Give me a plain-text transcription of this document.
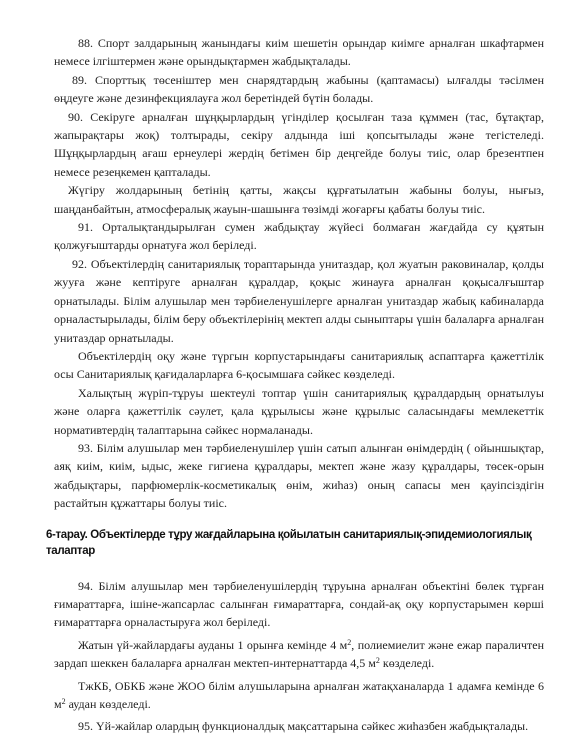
88. Спорт залдарының жанындағы киім шешетін орындар киімге арналған шкафтармен немесе ілгіштермен және орындықтармен жабдықталады.

89. Спорттық төсеніштер мен снарядтардың жабыны (қаптамасы) ылғалды тәсілмен өңдеуге және дезинфекциялауға жол беретіндей бүтін болады.

90. Секіруге арналған шұңқырлардың үгінділер қосылған таза құммен (тас, бұтақтар, жапырақтары жоқ) толтырады, секіру алдында іші қопсытылады және тегістеледі. Шұңқырлардың ағаш ернеулері жердің бетімен бір деңгейде болуы тиіс, олар брезентпен немесе резеңкемен қапталады.

Жүгіру жолдарының бетінің қатты, жақсы құрғатылатын жабыны болуы, нығыз, шаңданбайтын, атмосфералық жауын-шашынға төзімді жоғарғы қабаты болуы тиіс.

91. Орталықтандырылған сумен жабдықтау жүйесі болмаған жағдайда су құятын қолжуғыштарды орнатуға жол беріледі.

92. Объектілердің санитариялық тораптарында унитаздар, қол жуатын раковиналар, қолды жууға және кептіруге арналған құралдар, қоқыс жинауға арналған қоқысалғыштар орнатылады. Білім алушылар мен тәрбиеленушілерге арналған унитаздар жабық кабиналарда орналастырылады, білім беру объектілерінің мектеп алды сыныптары үшін балаларға арналған унитаздар орнатылады.

Объектілердің оқу және түргын корпустарындағы санитариялық аспаптарға қажеттілік осы Санитариялық қағидаларларға 6-қосымшаға сәйкес көзделеді.

Халықтың жүріп-тұруы шектеулі топтар үшін санитариялық құралдардың орнатылуы және оларға қажеттілік сәулет, қала құрылысы және құрылыс саласындағы мемлекеттік нормативтердің талаптарына сәйкес нормаланады.

93. Білім алушылар мен тәрбиеленушілер үшін сатып алынған өнімдердің ( ойыншықтар, аяқ киім, киім, ыдыс, жеке гигиена құралдары, мектеп және жазу құралдары, төсек-орын жабдықтары, парфюмерлік-косметикалық өнім, жиһаз) оның сапасы мен қауіпсіздігін растайтын құжаттары болуы тиіс.

6-тарау. Объектілерде тұру жағдайларына қойылатын санитариялық-эпидемиологиялық талаптар

94. Білім алушылар мен тәрбиеленушілердің тұруына арналған объектіні бөлек тұрған ғимараттарға, ішіне-жапсарлас салынған ғимараттарға, сондай-ақ оқу корпустарымен көрші ғимараттарға орналастыруға жол беріледі.

Жатын үй-жайлардағы ауданы 1 орынға кемінде 4 $м^2$, полиемиелит және ежар параличтен зардап шеккен балаларға арналған мектеп-интернаттарда 4,5 $м^2$ көзделеді.

ТжКБ, ОБКБ және ЖОО білім алушыларына арналған жатақханаларда 1 адамға кемінде 6 $м^2$ аудан көзделеді.

95. Үй-жайлар олардың функционалдық мақсаттарына сәйкес жиһазбен жабдықталады.
